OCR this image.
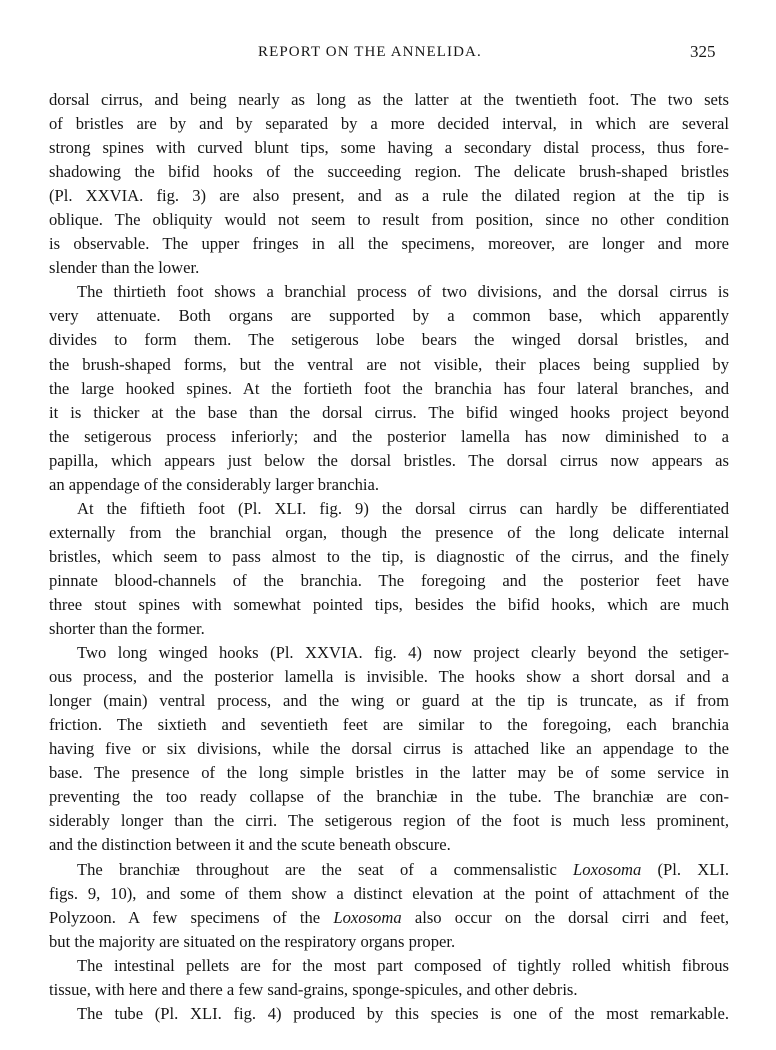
REPORT ON THE ANNELIDA.	325
dorsal cirrus, and being nearly as long as the latter at the twentieth foot. The two sets
of bristles are by and by separated by a more decided interval, in which are several
strong spines with curved blunt tips, some having a secondary distal process, thus fore-
shadowing the bifid hooks of the succeeding region. The delicate brush-shaped bristles
(Pl. XXVIA. fig. 3) are also present, and as a rule the dilated region at the tip is
oblique. The obliquity would not seem to result from position, since no other condition
is observable. The upper fringes in all the specimens, moreover, are longer and more
slender than the lower.
The thirtieth foot shows a branchial process of two divisions, and the dorsal cirrus is
very attenuate. Both organs are supported by a common base, which apparently
divides to form them. The setigerous lobe bears the winged dorsal bristles, and
the brush-shaped forms, but the ventral are not visible, their places being supplied by
the large hooked spines. At the fortieth foot the branchia has four lateral branches, and
it is thicker at the base than the dorsal cirrus. The bifid winged hooks project beyond
the setigerous process inferiorly; and the posterior lamella has now diminished to a
papilla, which appears just below the dorsal bristles. The dorsal cirrus now appears as
an appendage of the considerably larger branchia.
At the fiftieth foot (Pl. XLI. fig. 9) the dorsal cirrus can hardly be differentiated
externally from the branchial organ, though the presence of the long delicate internal
bristles, which seem to pass almost to the tip, is diagnostic of the cirrus, and the finely
pinnate blood-channels of the branchia. The foregoing and the posterior feet have
three stout spines with somewhat pointed tips, besides the bifid hooks, which are much
shorter than the former.
Two long winged hooks (Pl. XXVIA. fig. 4) now project clearly beyond the setiger-
ous process, and the posterior lamella is invisible. The hooks show a short dorsal and a
longer (main) ventral process, and the wing or guard at the tip is truncate, as if from
friction. The sixtieth and seventieth feet are similar to the foregoing, each branchia
having five or six divisions, while the dorsal cirrus is attached like an appendage to the
base. The presence of the long simple bristles in the latter may be of some service in
preventing the too ready collapse of the branchiæ in the tube. The branchiæ are con-
siderably longer than the cirri. The setigerous region of the foot is much less prominent,
and the distinction between it and the scute beneath obscure.
The branchiæ throughout are the seat of a commensalistic Loxosoma (Pl. XLI.
figs. 9, 10), and some of them show a distinct elevation at the point of attachment of the
Polyzoon. A few specimens of the Loxosoma also occur on the dorsal cirri and feet,
but the majority are situated on the respiratory organs proper.
The intestinal pellets are for the most part composed of tightly rolled whitish fibrous
tissue, with here and there a few sand-grains, sponge-spicules, and other debris.
The tube (Pl. XLI. fig. 4) produced by this species is one of the most remarkable.
